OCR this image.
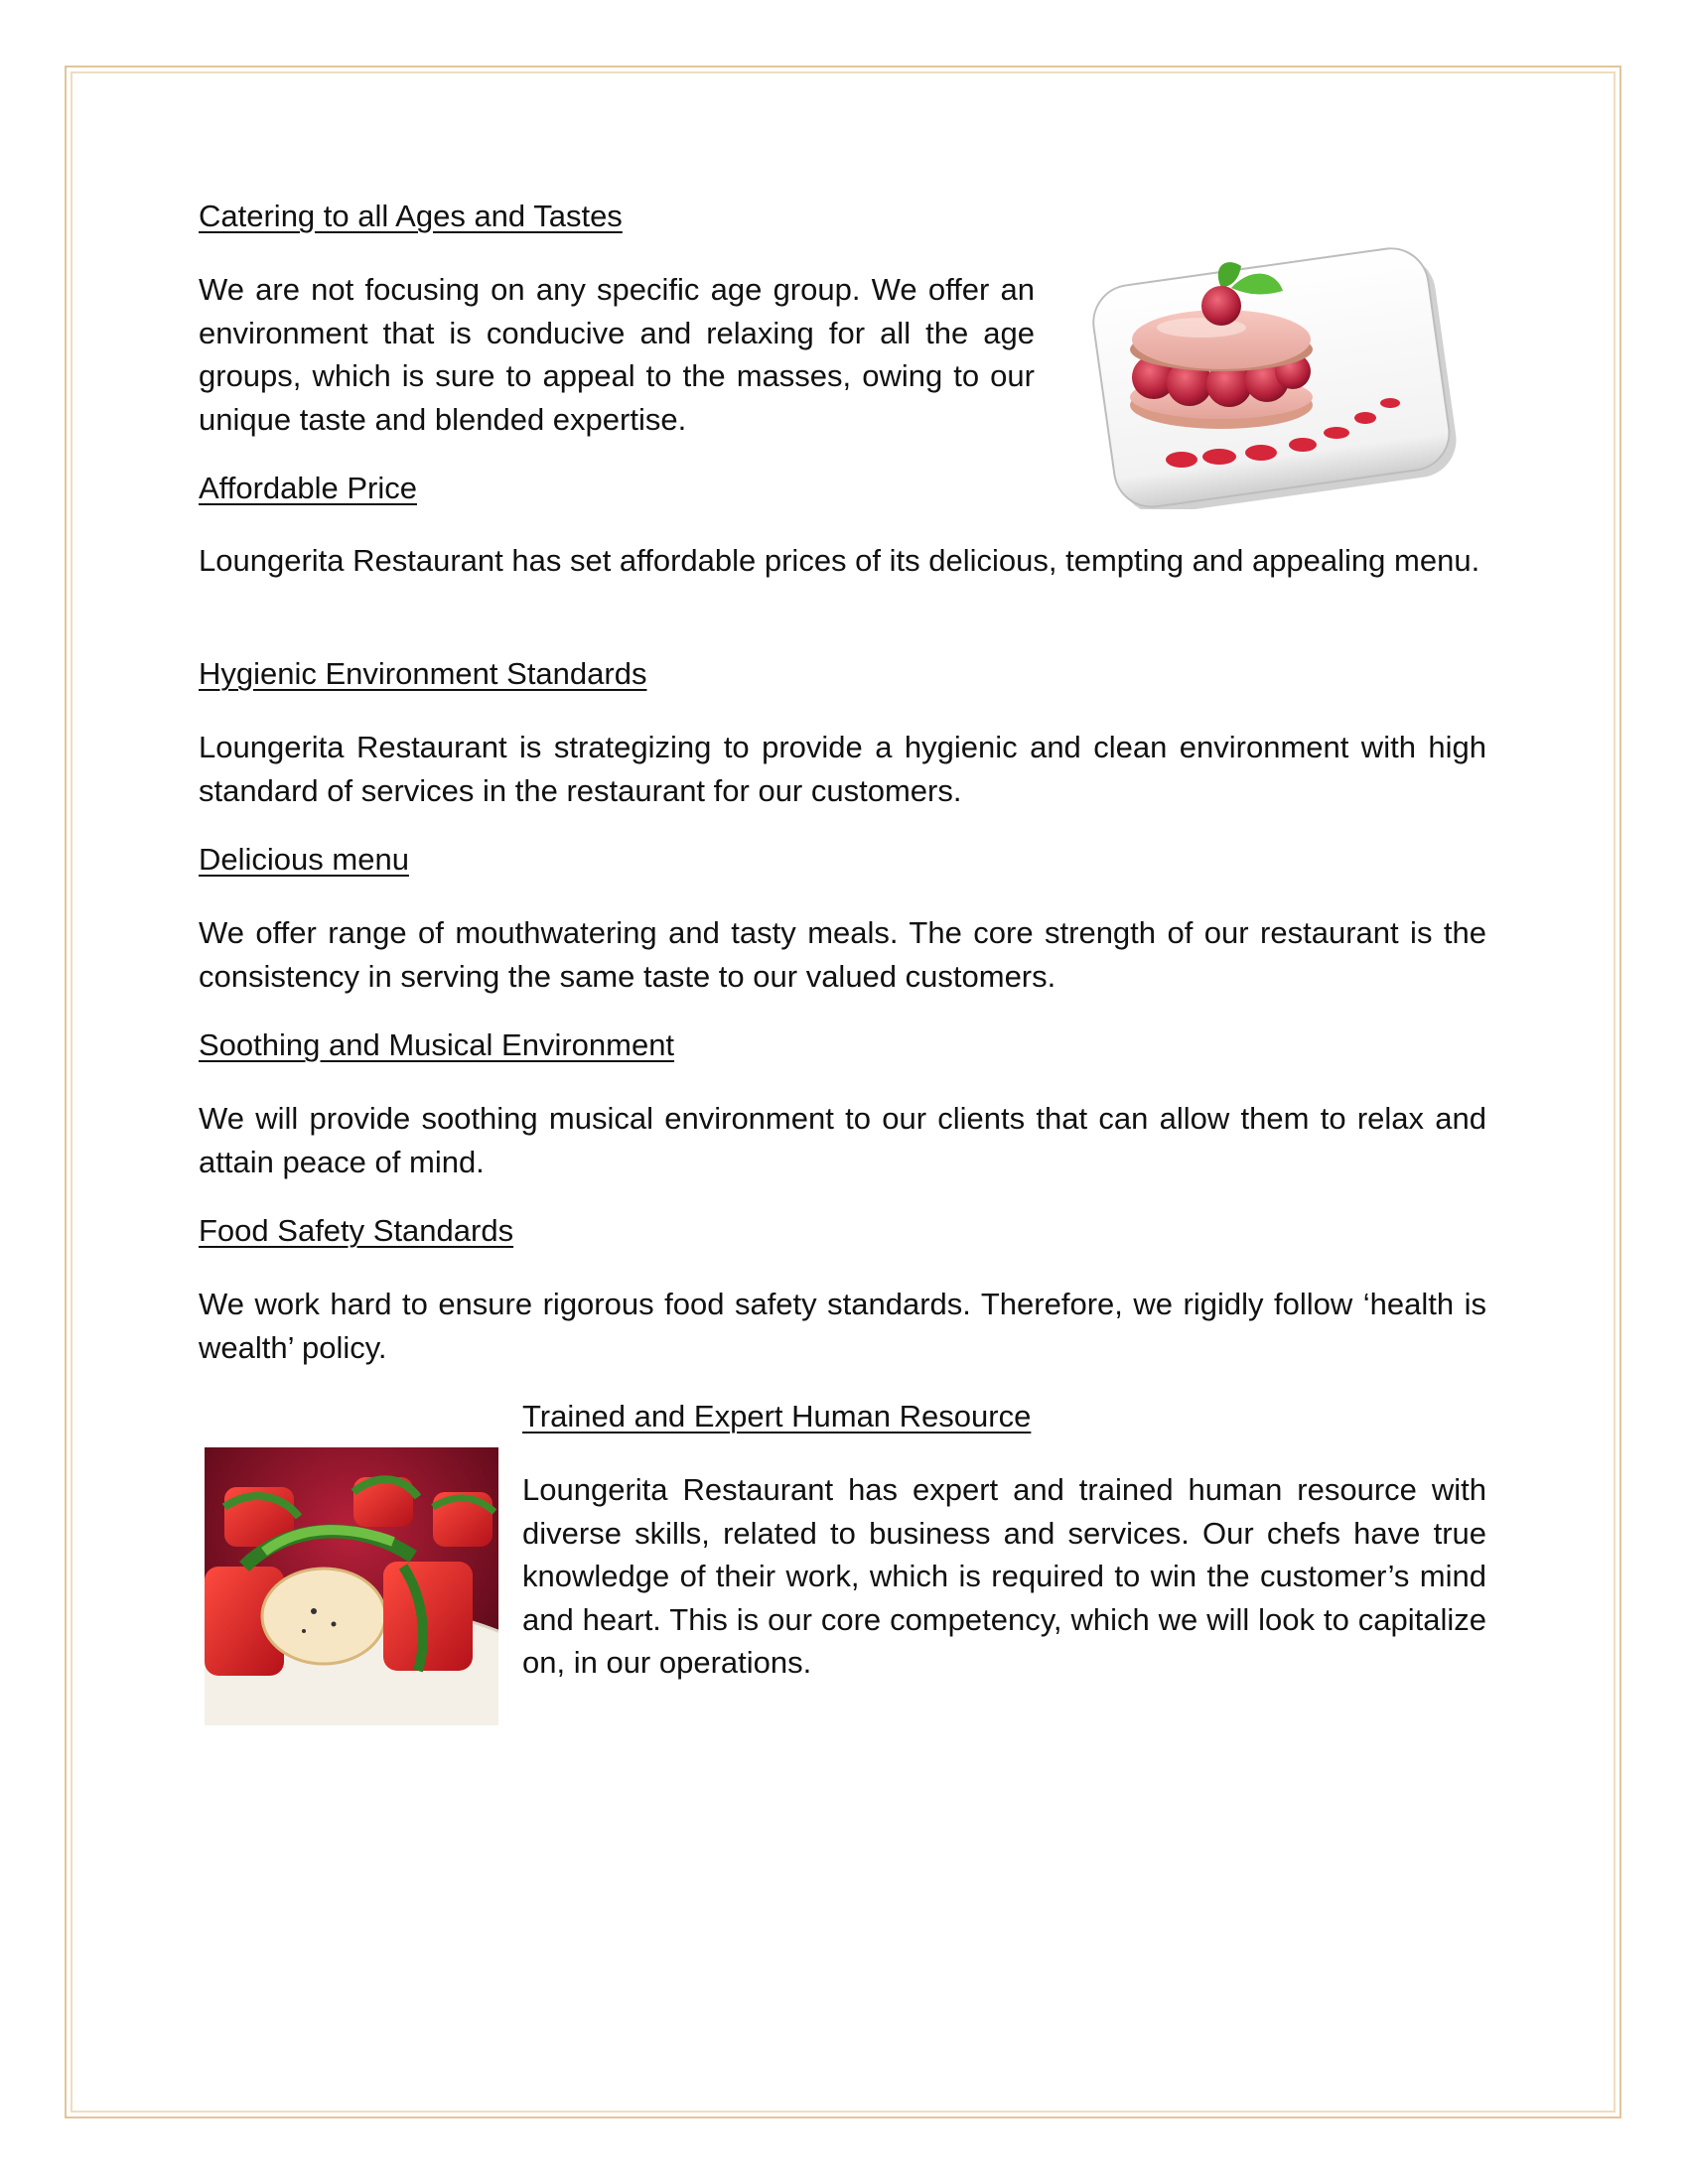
Catering to all Ages and Tastes
We are not focusing on any specific age group. We offer an environment that is conducive and relaxing for all the age groups, which is sure to appeal to the masses, owing to our unique taste and blended expertise.
Affordable Price
Loungerita Restaurant has set affordable prices of its delicious, tempting and appealing menu.
Hygienic Environment Standards
Loungerita Restaurant is strategizing to provide a hygienic and clean environment with high standard of services in the restaurant for our customers.
Delicious menu
We offer range of mouthwatering and tasty meals. The core strength of our restaurant is the consistency in serving the same taste to our valued customers.
Soothing and Musical Environment
We will provide soothing musical environment to our clients that can allow them to relax and attain peace of mind.
Food Safety Standards
We work hard to ensure rigorous food safety standards. Therefore, we rigidly follow ‘health is wealth’ policy.
Trained and Expert Human Resource
Loungerita Restaurant has expert and trained human resource with diverse skills, related to business and services. Our chefs have true knowledge of their work, which is required to win the customer’s mind and heart. This is our core competency, which we will look to capitalize on, in our operations.
